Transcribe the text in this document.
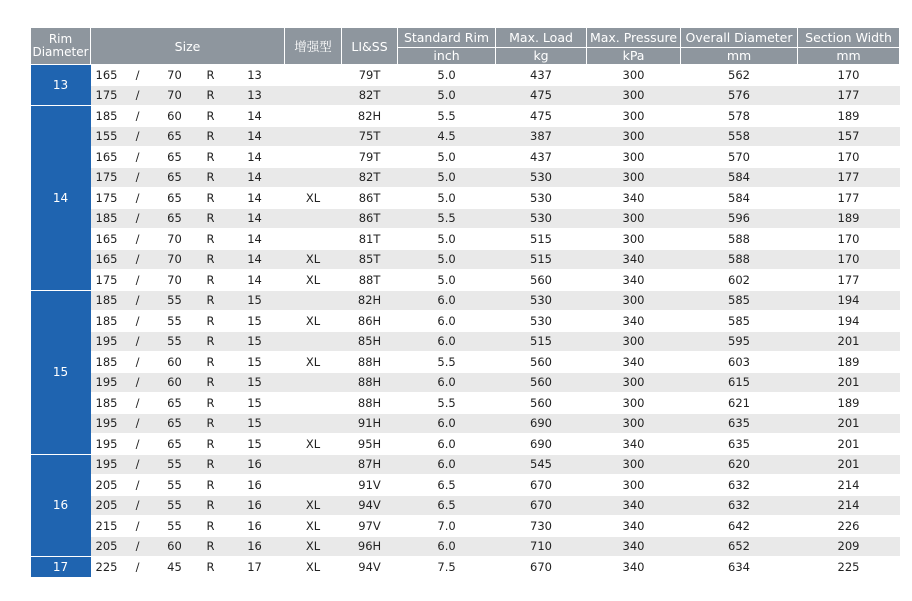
Rim Diameter	Size					增强型	LI&SS	Standard Rim	Max. Load	Max. Pressure	Overall Diameter	Section Width
								inch	kg	kPa	mm	mm
13	165	/	70	R	13		79T	5.0	437	300	562	170
	175	/	70	R	13		82T	5.0	475	300	576	177
14	185	/	60	R	14		82H	5.5	475	300	578	189
	155	/	65	R	14		75T	4.5	387	300	558	157
	165	/	65	R	14		79T	5.0	437	300	570	170
	175	/	65	R	14		82T	5.0	530	300	584	177
	175	/	65	R	14	XL	86T	5.0	530	340	584	177
	185	/	65	R	14		86T	5.5	530	300	596	189
	165	/	70	R	14		81T	5.0	515	300	588	170
	165	/	70	R	14	XL	85T	5.0	515	340	588	170
	175	/	70	R	14	XL	88T	5.0	560	340	602	177
15	185	/	55	R	15		82H	6.0	530	300	585	194
	185	/	55	R	15	XL	86H	6.0	530	340	585	194
	195	/	55	R	15		85H	6.0	515	300	595	201
	185	/	60	R	15	XL	88H	5.5	560	340	603	189
	195	/	60	R	15		88H	6.0	560	300	615	201
	185	/	65	R	15		88H	5.5	560	300	621	189
	195	/	65	R	15		91H	6.0	690	300	635	201
	195	/	65	R	15	XL	95H	6.0	690	340	635	201
16	195	/	55	R	16		87H	6.0	545	300	620	201
	205	/	55	R	16		91V	6.5	670	300	632	214
	205	/	55	R	16	XL	94V	6.5	670	340	632	214
	215	/	55	R	16	XL	97V	7.0	730	340	642	226
	205	/	60	R	16	XL	96H	6.0	710	340	652	209
17	225	/	45	R	17	XL	94V	7.5	670	340	634	225
